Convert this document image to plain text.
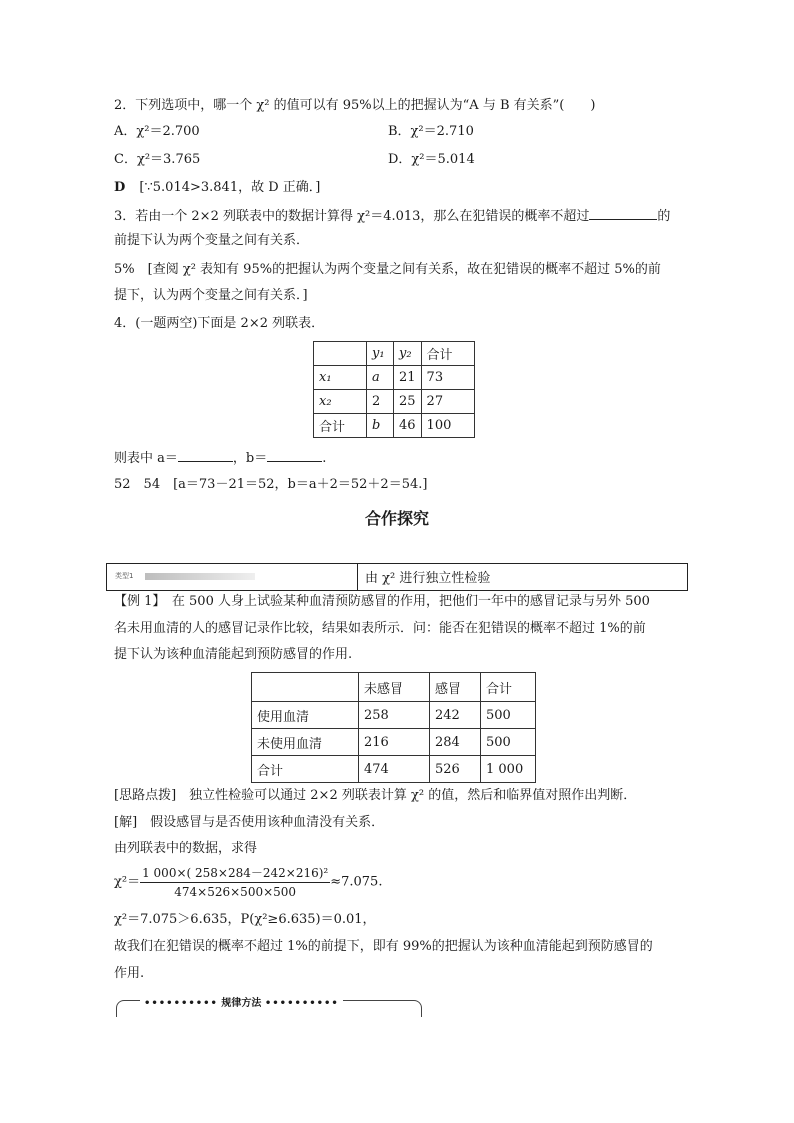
2．下列选项中，哪一个 χ² 的值可以有 95%以上的把握认为“A 与 B 有关系”(　　)
A．χ²＝2.700	B．χ²＝2.710
C．χ²＝3.765	D．χ²＝5.014
D [∵5.014>3.841，故 D 正确．]
3．若由一个 2×2 列联表中的数据计算得 χ²＝4.013，那么在犯错误的概率不超过	的
前提下认为两个变量之间有关系．
5%　[查阅 χ² 表知有 95%的把握认为两个变量之间有关系，故在犯错误的概率不超过 5%的前
提下，认为两个变量之间有关系．]
4．(一题两空)下面是 2×2 列联表．
	y₁	y₂	合计
x₁	a	21	73
x₂	2	25	27
合计	b	46	100
则表中 a＝	，b＝	.
52　54　[a＝73－21＝52，b＝a＋2＝52＋2＝54.]
合作探究
类型1	由 χ² 进行独立性检验
【例 1】　在 500 人身上试验某种血清预防感冒的作用，把他们一年中的感冒记录与另外 500
名未用血清的人的感冒记录作比较，结果如表所示．问：能否在犯错误的概率不超过 1%的前
提下认为该种血清能起到预防感冒的作用.
	未感冒	感冒	合计
使用血清	258	242	500
未使用血清	216	284	500
合计	474	526	1 000
[思路点拨]　独立性检验可以通过 2×2 列联表计算 χ² 的值，然后和临界值对照作出判断．
[解]　假设感冒与是否使用该种血清没有关系．
由列联表中的数据，求得
$\chi^2= \frac{\text{1 000×( 258×284－242×216)²}}{474\times 526\times 500\times 500} \approx 7.075$.
χ²＝7.075＞6.635，P(χ²≥6.635)＝0.01，
故我们在犯错误的概率不超过 1%的前提下，即有 99%的把握认为该种血清能起到预防感冒的
作用.
•••••••••• 规律方法 ••••••••••
